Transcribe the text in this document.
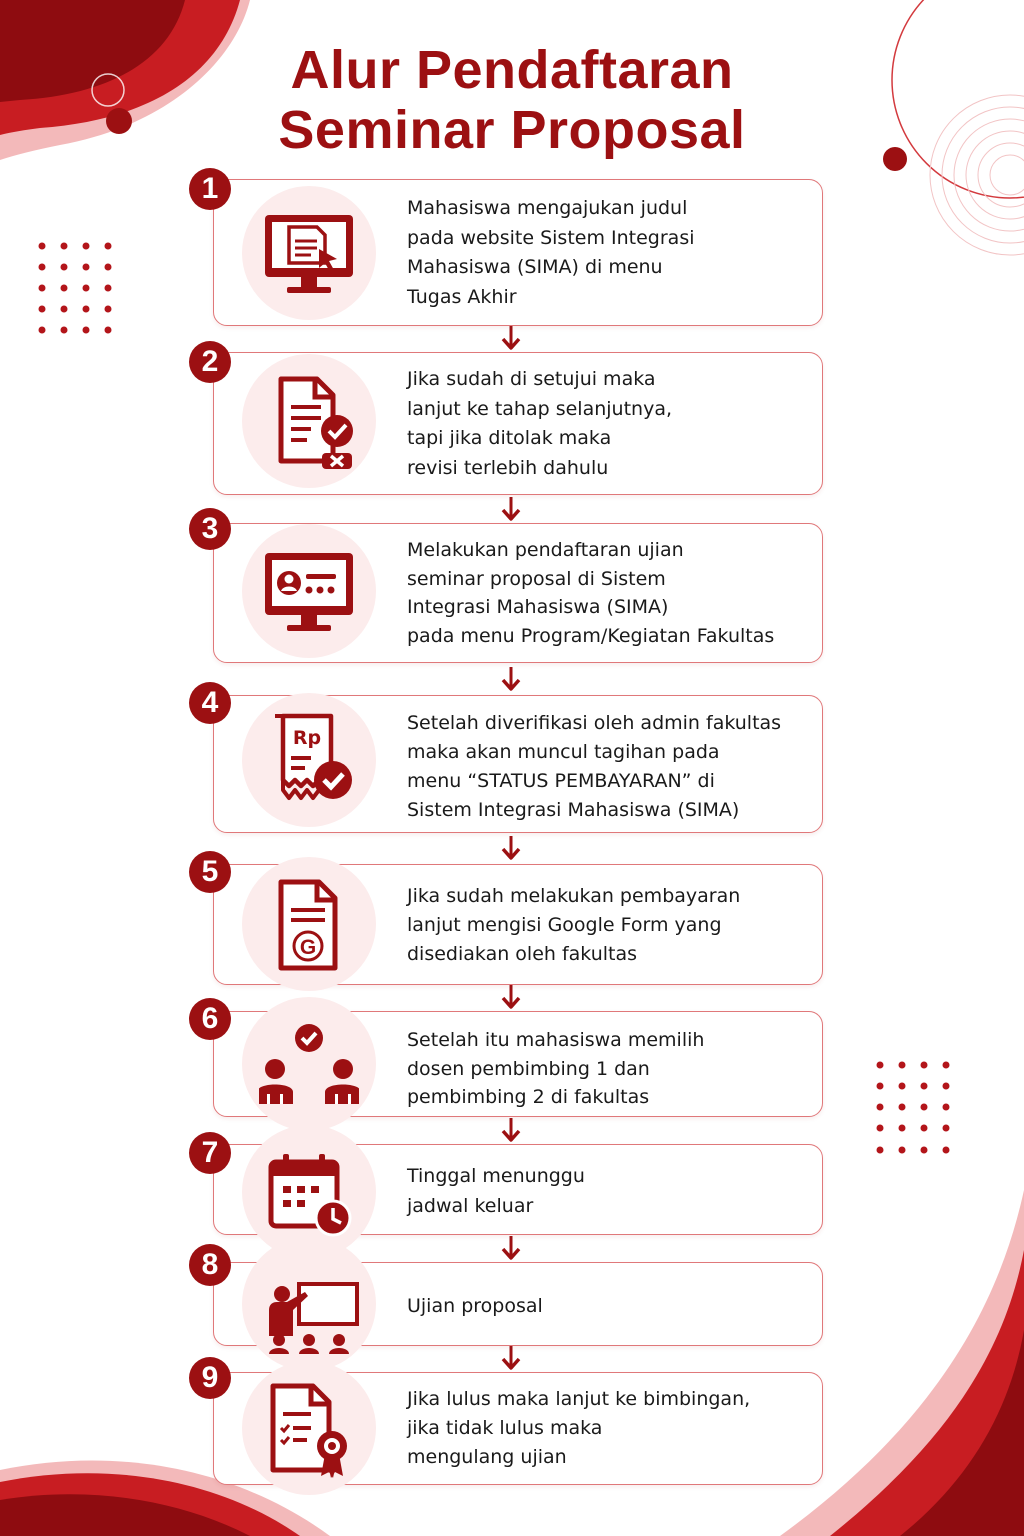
Alur Pendaftaran
Seminar Proposal
1
Mahasiswa mengajukan judul
pada website Sistem Integrasi
Mahasiswa (SIMA) di menu
Tugas Akhir
2
Jika sudah di setujui maka
lanjut ke tahap selanjutnya,
tapi jika ditolak maka
revisi terlebih dahulu
3
Melakukan pendaftaran ujian
seminar proposal di Sistem
Integrasi Mahasiswa (SIMA)
pada menu Program/Kegiatan Fakultas
Rp
4
Setelah diverifikasi oleh admin fakultas
maka akan muncul tagihan pada
menu “STATUS PEMBAYARAN” di
Sistem Integrasi Mahasiswa (SIMA)
G
5
Jika sudah melakukan pembayaran
lanjut mengisi Google Form yang
disediakan oleh fakultas
6
Setelah itu mahasiswa memilih
dosen pembimbing 1 dan
pembimbing 2 di fakultas
7
Tinggal menunggu
jadwal keluar
8
Ujian proposal
9
Jika lulus maka lanjut ke bimbingan,
jika tidak lulus maka
mengulang ujian
